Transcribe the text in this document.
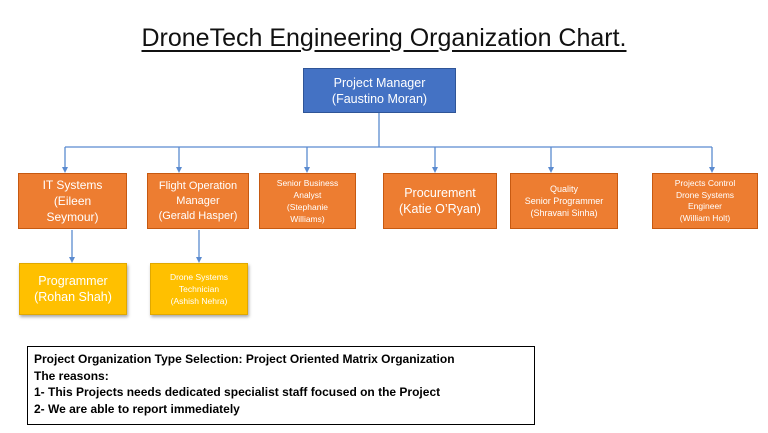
DroneTech Engineering Organization Chart.
Project Manager
(Faustino Moran)
IT Systems
(Eileen
Seymour)
Flight Operation
Manager
(Gerald Hasper)
Senior Business
Analyst
(Stephanie
Williams)
Procurement
(Katie O’Ryan)
Quality
Senior Programmer
(Shravani Sinha)
Projects Control
Drone Systems
Engineer
(William Holt)
Programmer
(Rohan Shah)
Drone Systems
Technician
(Ashish Nehra)
Project Organization Type Selection: Project Oriented Matrix Organization
The reasons:
1- This Projects needs dedicated specialist staff focused on the Project
2- We are able to report immediately
